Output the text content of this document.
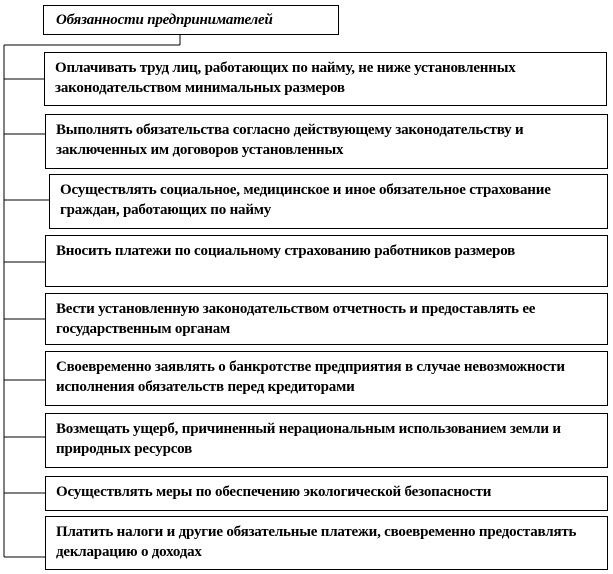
Обязанности предпринимателей
Оплачивать труд лиц, работающих по найму, не ниже установленных законодательством минимальных размеров
Выполнять обязательства согласно действующему законодательству и заключенных им договоров установленных
Осуществлять социальное, медицинское и иное обязательное страхование граждан, работающих по найму
Вносить платежи по социальному страхованию работников размеров
Вести установленную законодательством отчетность и предоставлять ее государственным органам
Своевременно заявлять о банкротстве предприятия в случае невозможности исполнения обязательств перед кредиторами
Возмещать ущерб, причиненный нерациональным использованием земли и природных ресурсов
Осуществлять меры по обеспечению экологической безопасности
Платить налоги и другие обязательные платежи, своевременно предоставлять декларацию о доходах
